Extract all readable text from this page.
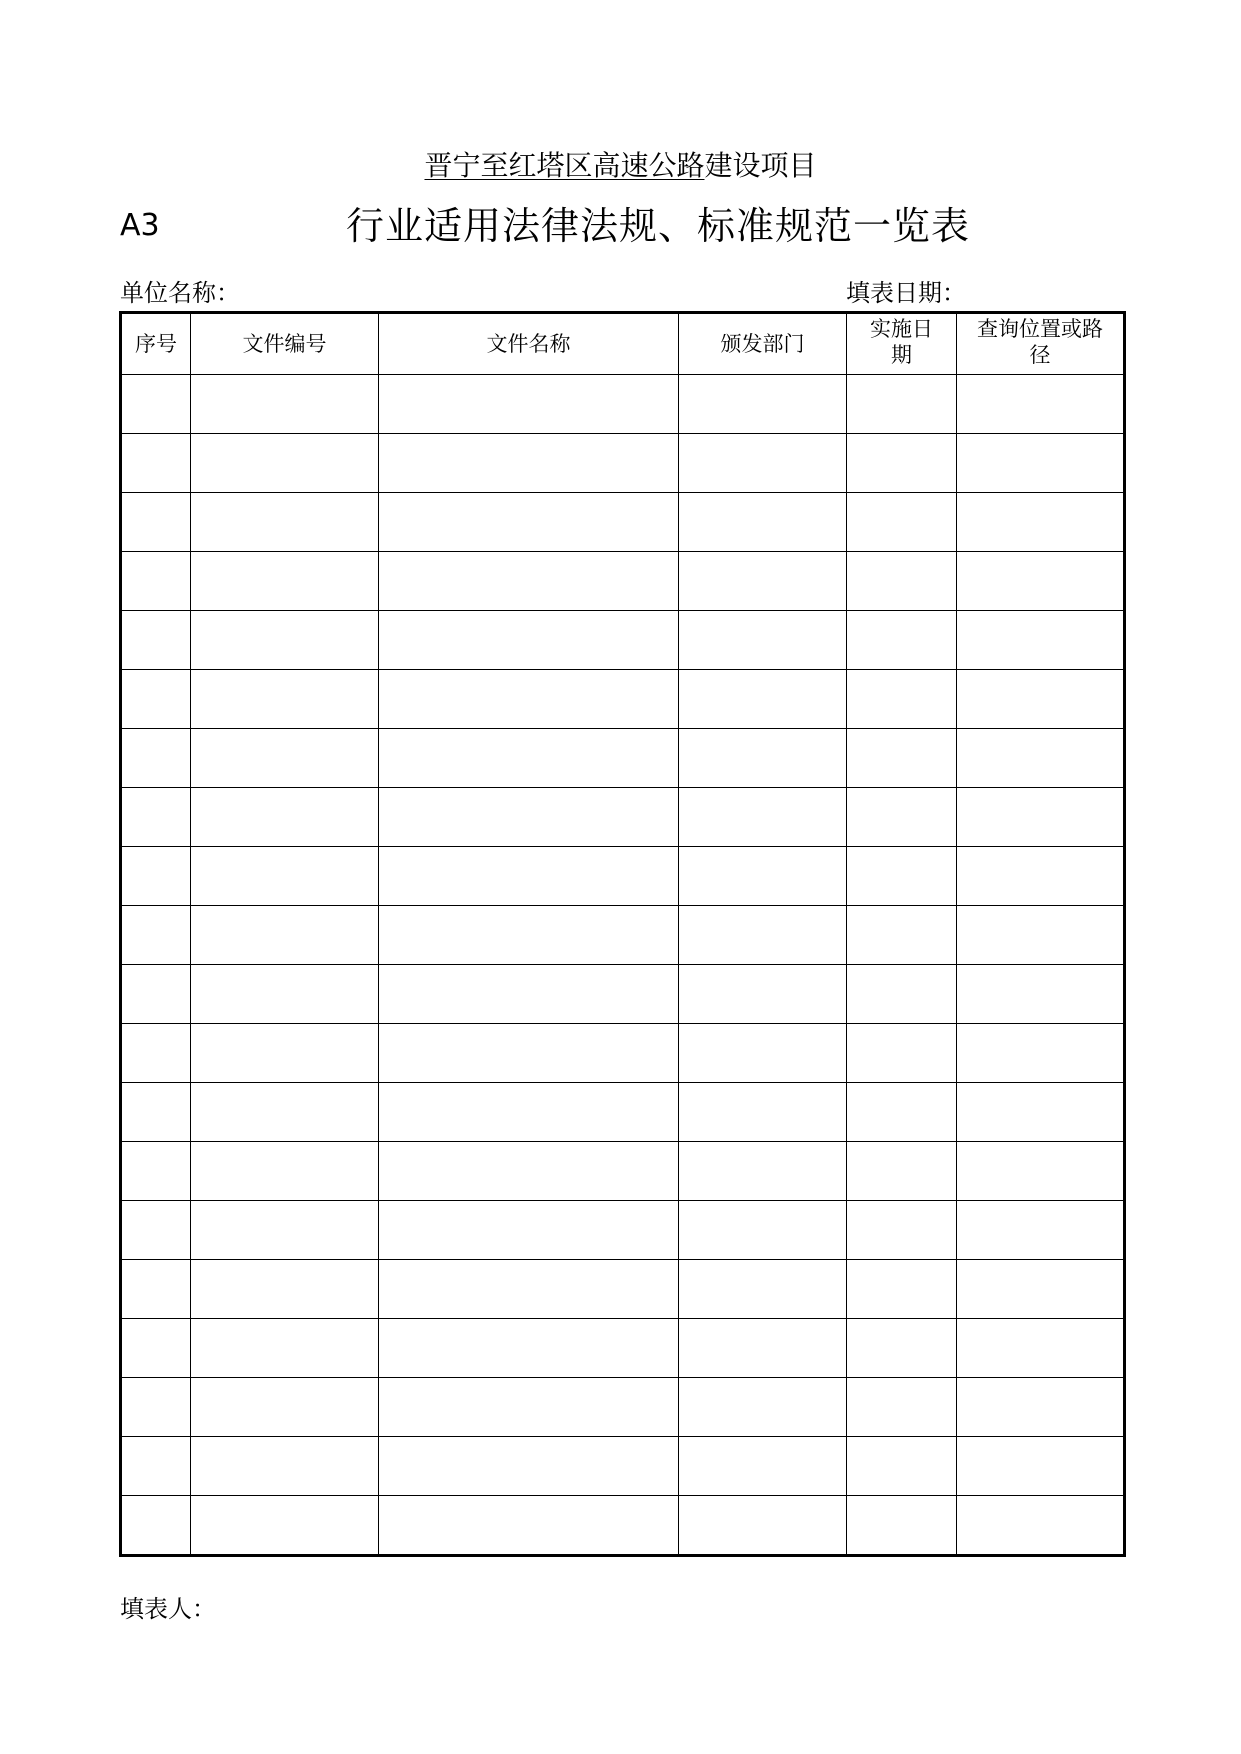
晋宁至红塔区高速公路建设项目
A3	行业适用法律法规、标准规范一览表
单位名称：	填表日期：
序号	文件编号	文件名称	颁发部门	实施日期	查询位置或路径

填表人：
